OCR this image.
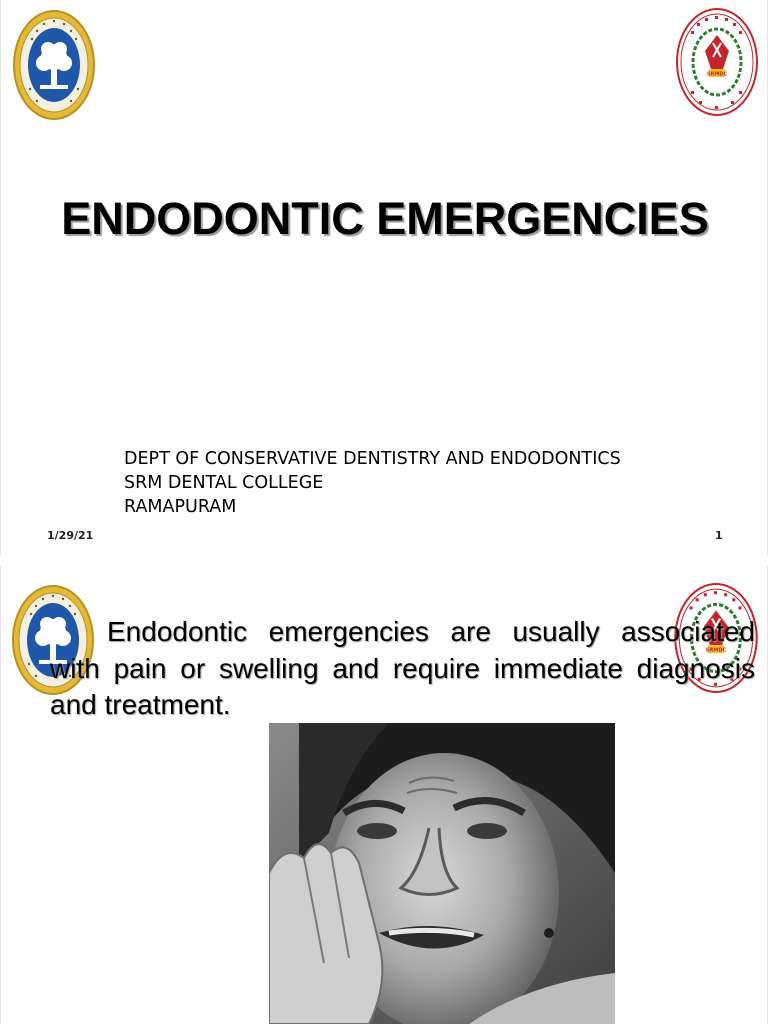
SRMDC
ENDODONTIC EMERGENCIES
DEPT OF CONSERVATIVE DENTISTRY AND ENDODONTICS
SRM DENTAL COLLEGE
RAMAPURAM
1/29/21	1
SRMDC
Endodontic emergencies are usually associated with pain or swelling and require immediate diagnosis and treatment.
